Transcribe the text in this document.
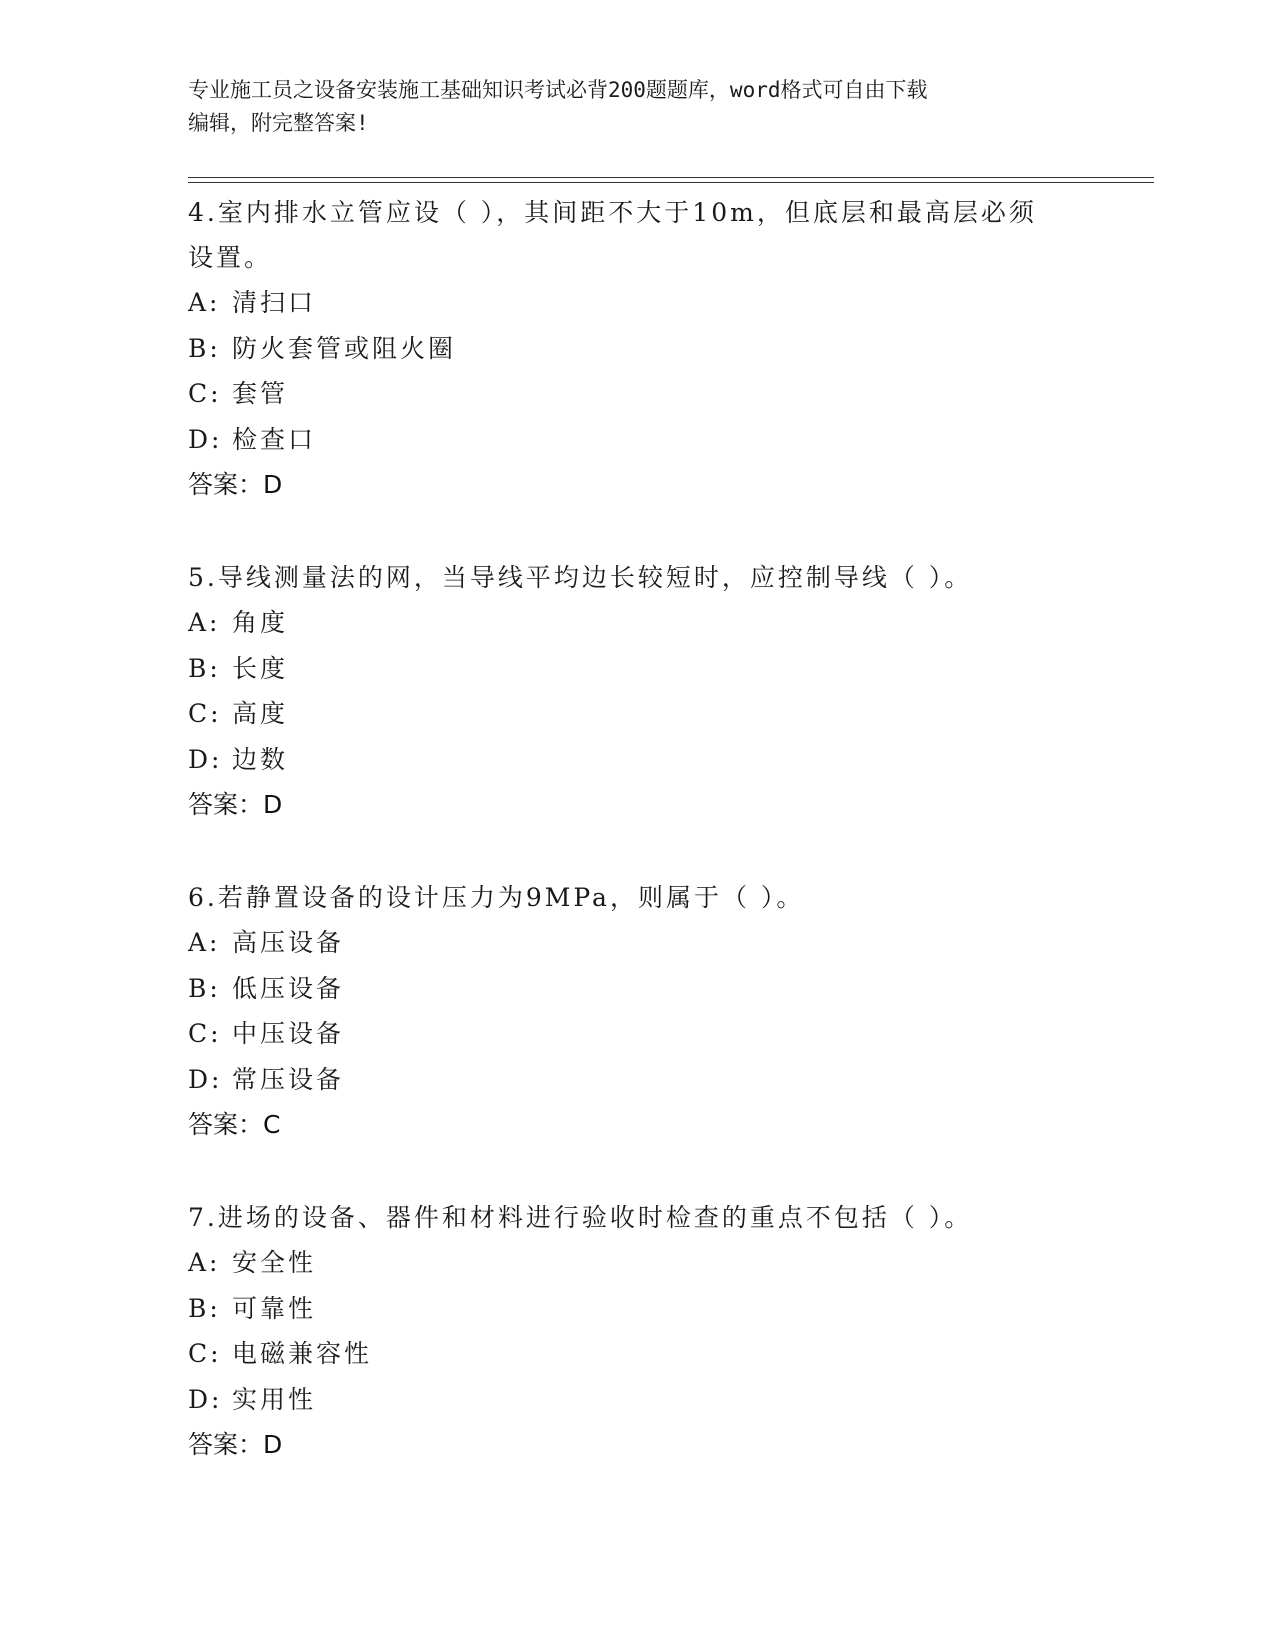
专业施工员之设备安装施工基础知识考试必背200题题库，word格式可自由下载
编辑，附完整答案!

4.室内排水立管应设（ ），其间距不大于10m，但底层和最高层必须
设置。

A: 清扫口

B: 防火套管或阻火圈

C: 套管

D: 检查口

答案：D

5.导线测量法的网，当导线平均边长较短时，应控制导线（ ）。

A: 角度

B: 长度

C: 高度

D: 边数

答案：D

6.若静置设备的设计压力为9MPa，则属于（ ）。

A: 高压设备

B: 低压设备

C: 中压设备

D: 常压设备

答案：C

7.进场的设备、器件和材料进行验收时检查的重点不包括（ ）。

A: 安全性

B: 可靠性

C: 电磁兼容性

D: 实用性

答案：D
